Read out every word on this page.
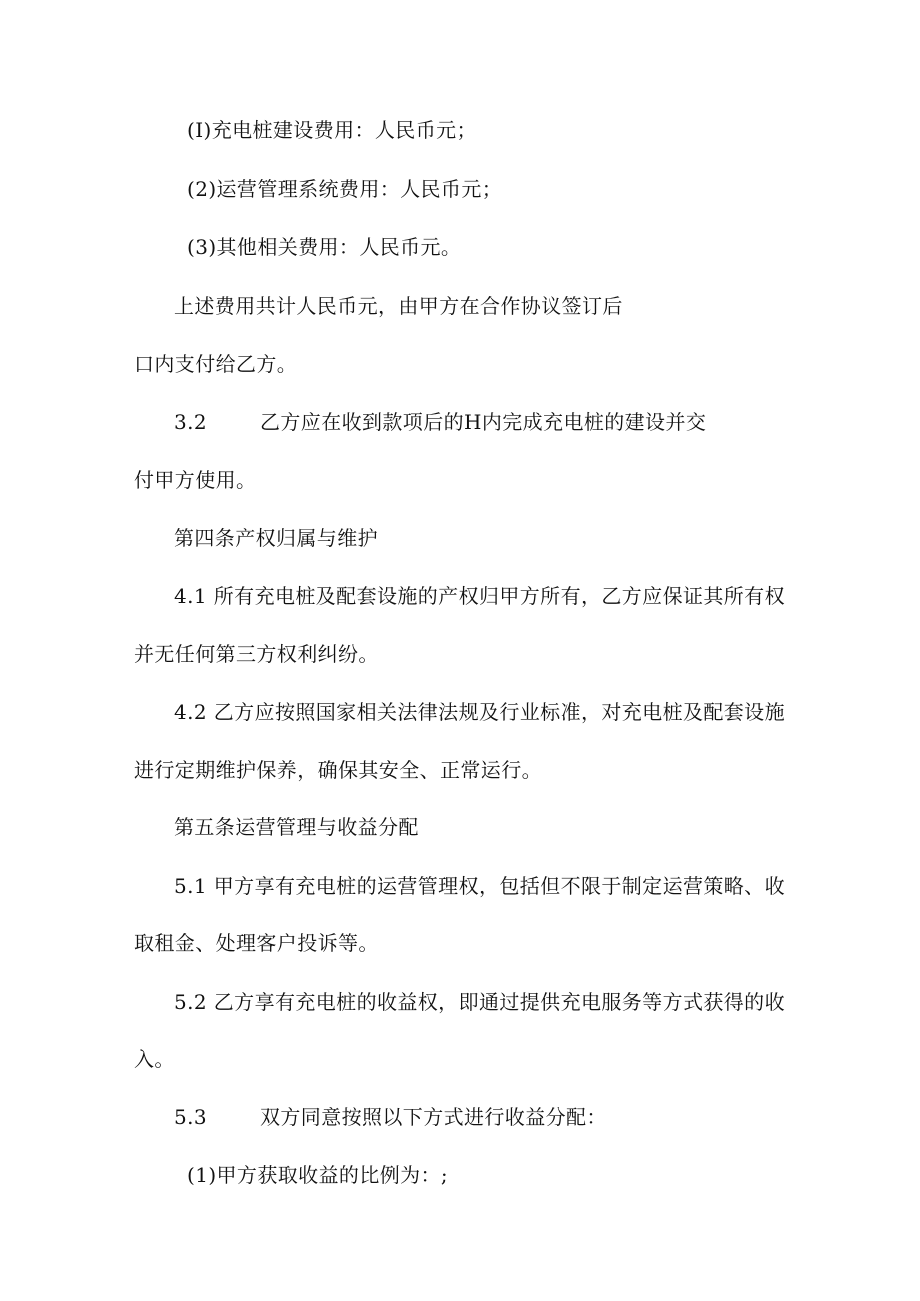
(I)充电桩建设费用：人民币元；
(2)运营管理系统费用：人民币元；
(3)其他相关费用：人民币元。
上述费用共计人民币元，由甲方在合作协议签订后
口内支付给乙方。
3.2	乙方应在收到款项后的H内完成充电桩的建设并交
付甲方使用。
第四条产权归属与维护
4.1 所有充电桩及配套设施的产权归甲方所有，乙方应保证其所有权
并无任何第三方权利纠纷。
4.2 乙方应按照国家相关法律法规及行业标准，对充电桩及配套设施
进行定期维护保养，确保其安全、正常运行。
第五条运营管理与收益分配
5.1 甲方享有充电桩的运营管理权，包括但不限于制定运营策略、收
取租金、处理客户投诉等。
5.2 乙方享有充电桩的收益权，即通过提供充电服务等方式获得的收
入。
5.3	双方同意按照以下方式进行收益分配：
(1)甲方获取收益的比例为：;
